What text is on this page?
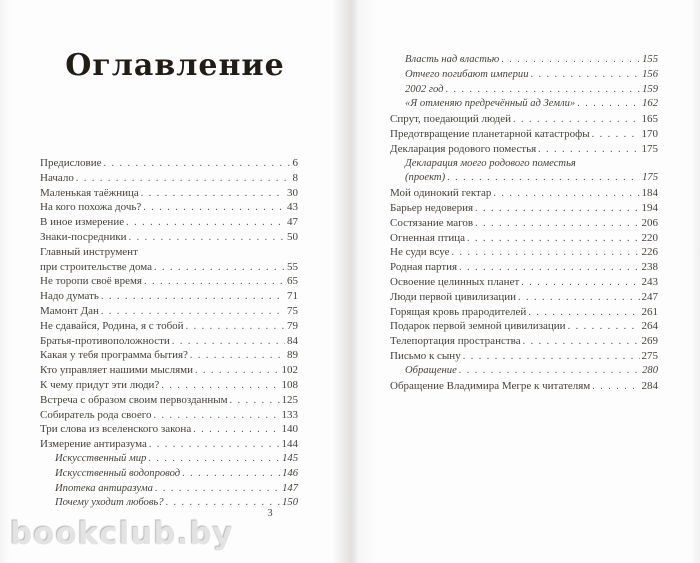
Оглавление
Предисловие . . .	6
Начало . . .	8
Маленькая таёжница . . .	30
На кого похожа дочь? . . .	43
В иное измерение . . .	47
Знаки-посредники . . .	50
Главный инструмент
при строительстве дома . . .	55
Не торопи своё время . . .	65
Надо думать . . .	71
Мамонт Дан . . .	75
Не сдавайся, Родина, я с тобой . . .	79
Братья-противоположности . . .	84
Какая у тебя программа бытия? . . .	89
Кто управляет нашими мыслями . . .	102
К чему придут эти люди? . . .	108
Встреча с образом своим первозданным . . .	125
Собиратель рода своего . . .	133
Три слова из вселенского закона . . .	140
Измерение антиразума . . .	144
Искусственный мир . . .	145
Искусственный водопровод . . .	146
Ипотека антиразума . . .	147
Почему уходит любовь? . . .	150
Власть над властью . . .	155
Отчего погибают империи . . .	156
2002 год . . .	159
«Я отменяю предречённый ад Земли» . . .	162
Спрут, поедающий людей . . .	165
Предотвращение планетарной катастрофы . . .	170
Декларация родового поместья . . .	175
Декларация моего родового поместья
(проект) . . .	175
Мой одинокий гектар . . .	184
Барьер недоверия . . .	194
Состязание магов . . .	206
Огненная птица . . .	220
Не суди всуе . . .	226
Родная партия . . .	238
Освоение целинных планет . . .	243
Люди первой цивилизации . . .	247
Горящая кровь прародителей . . .	261
Подарок первой земной цивилизации . . .	264
Телепортация пространства . . .	269
Письмо к сыну . . .	275
Обращение . . .	280
Обращение Владимира Мегре к читателям . . .	284
3
bookclub.by
